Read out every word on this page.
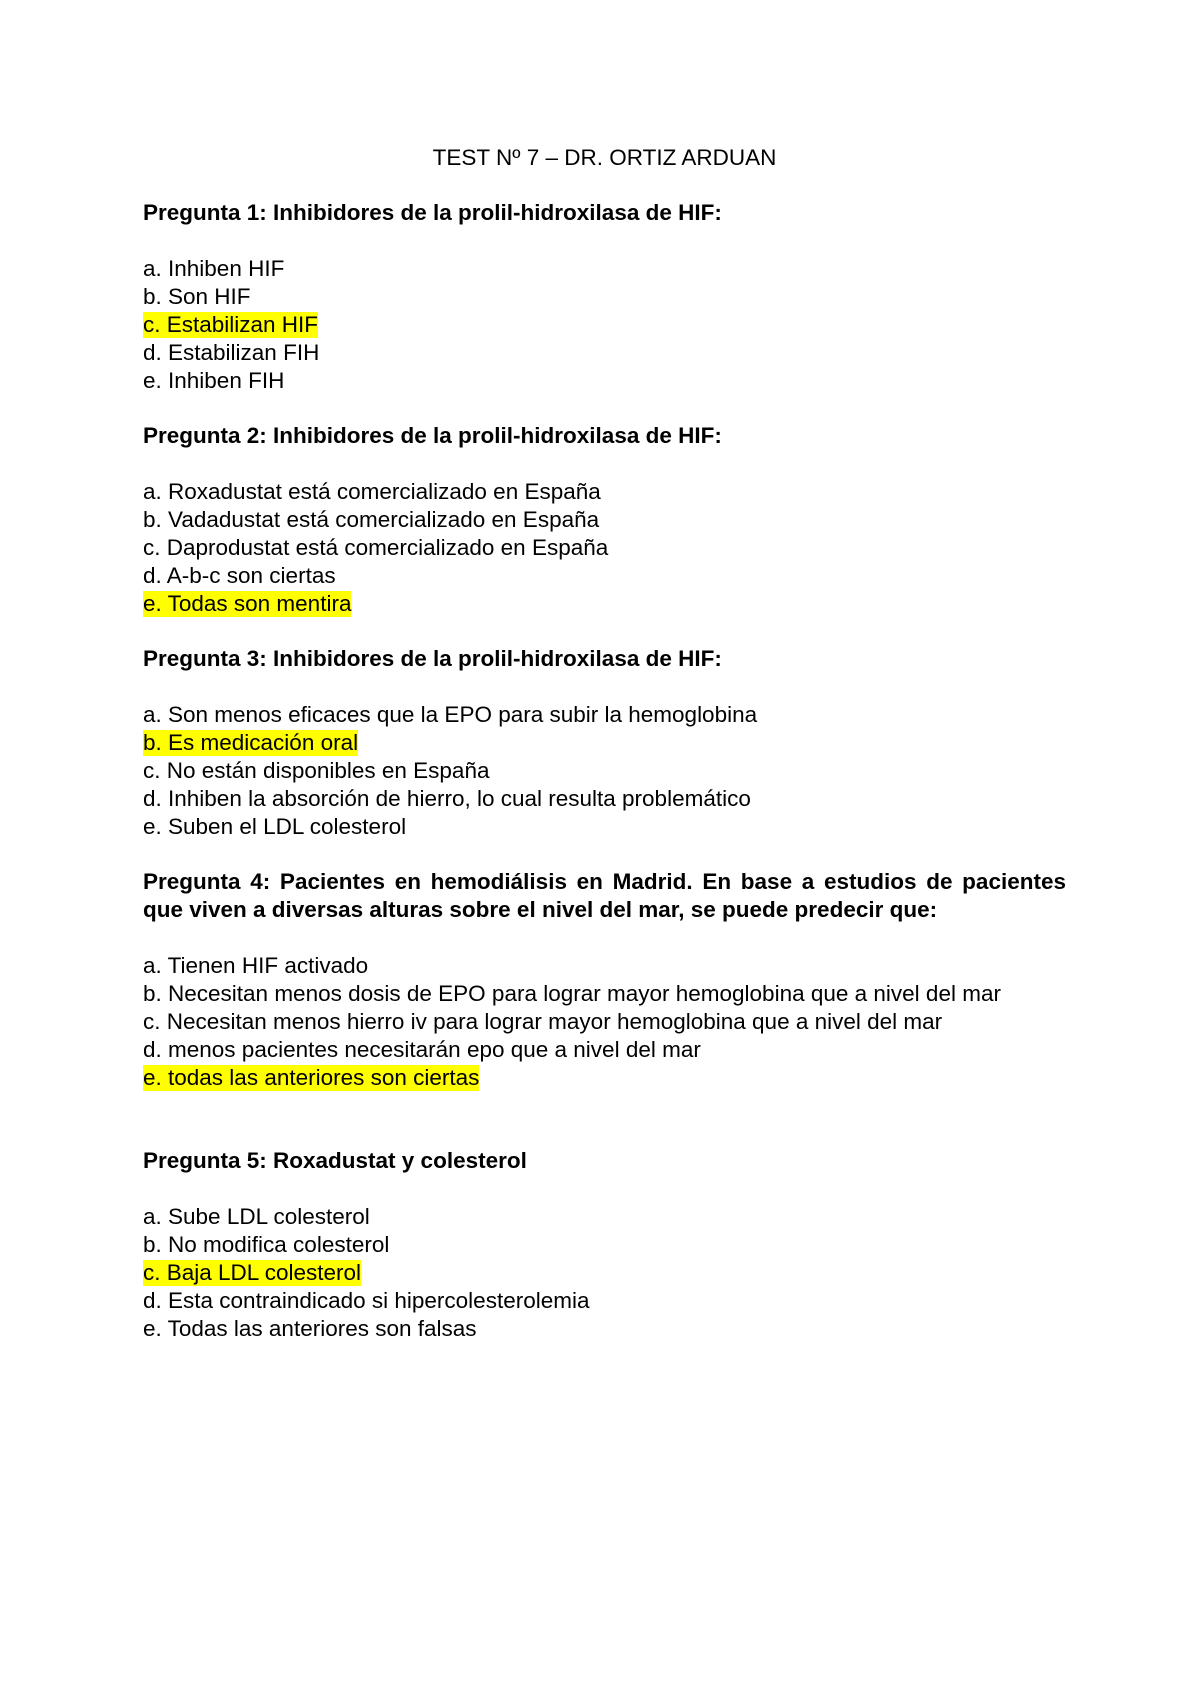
TEST Nº 7 – DR. ORTIZ ARDUAN

Pregunta 1: Inhibidores de la prolil-hidroxilasa de HIF:

a. Inhiben HIF
b. Son HIF
c. Estabilizan HIF
d. Estabilizan FIH
e. Inhiben FIH

Pregunta 2: Inhibidores de la prolil-hidroxilasa de HIF:

a. Roxadustat está comercializado en España
b. Vadadustat está comercializado en España
c. Daprodustat está comercializado en España
d. A-b-c son ciertas
e. Todas son mentira

Pregunta 3: Inhibidores de la prolil-hidroxilasa de HIF:

a. Son menos eficaces que la EPO para subir la hemoglobina
b. Es medicación oral
c. No están disponibles en España
d. Inhiben la absorción de hierro, lo cual resulta problemático
e. Suben el LDL colesterol

Pregunta 4: Pacientes en hemodiálisis en Madrid. En base a estudios de pacientes que viven a diversas alturas sobre el nivel del mar, se puede predecir que:

a. Tienen HIF activado
b. Necesitan menos dosis de EPO para lograr mayor hemoglobina que a nivel del mar
c. Necesitan menos hierro iv para lograr mayor hemoglobina que a nivel del mar
d. menos pacientes necesitarán epo que a nivel del mar
e. todas las anteriores son ciertas

Pregunta 5: Roxadustat y colesterol

a. Sube LDL colesterol
b. No modifica colesterol
c. Baja LDL colesterol
d. Esta contraindicado si hipercolesterolemia
e. Todas las anteriores son falsas
